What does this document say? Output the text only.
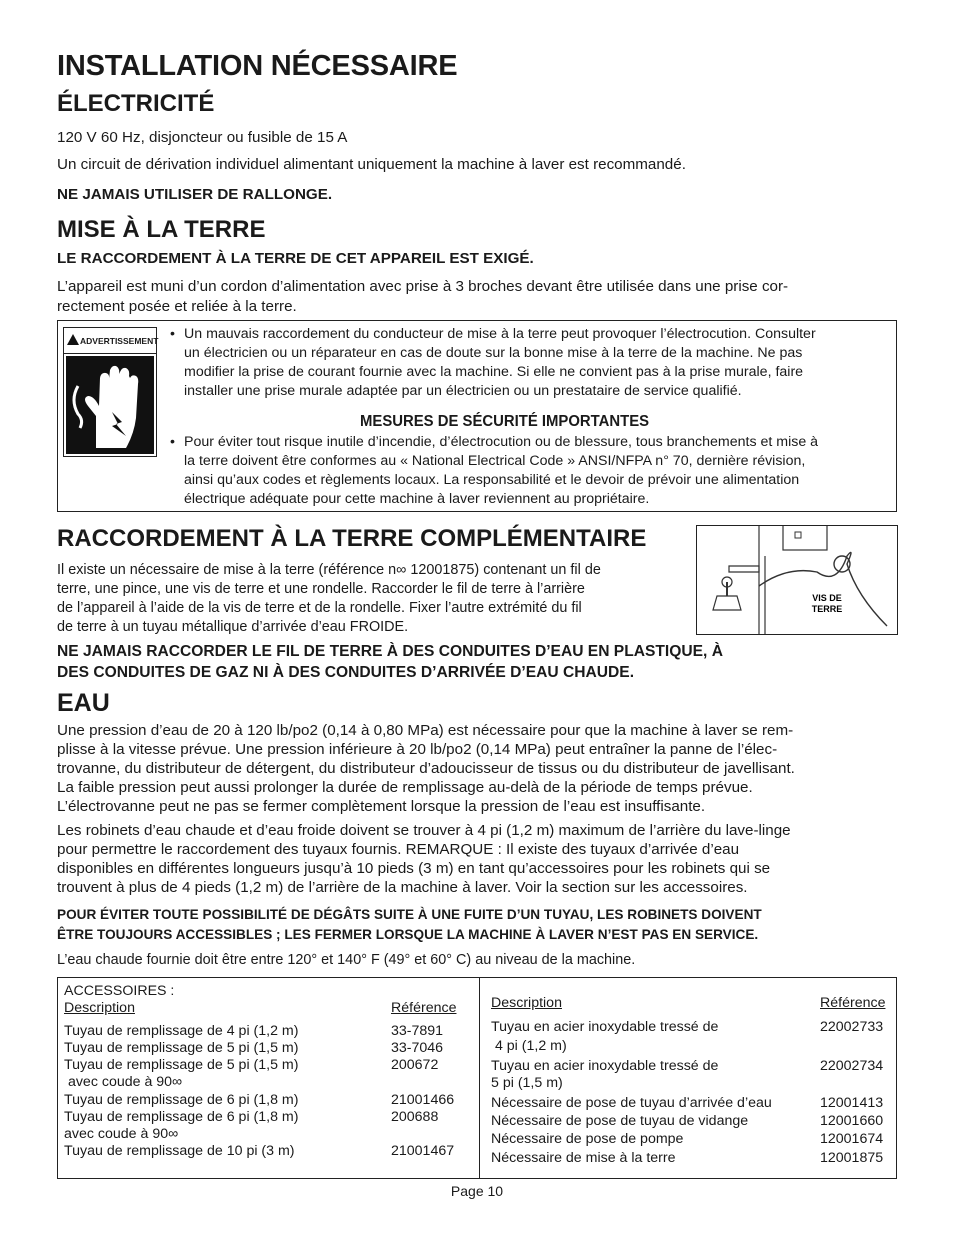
INSTALLATION NÉCESSAIRE
ÉLECTRICITÉ
120 V 60 Hz, disjoncteur ou fusible de 15 A
Un circuit de dérivation individuel alimentant uniquement la machine à laver est recommandé.
NE JAMAIS UTILISER DE RALLONGE.
MISE À LA TERRE
LE RACCORDEMENT À LA TERRE DE CET APPAREIL EST EXIGÉ.
L’appareil est muni d’un cordon d’alimentation avec prise à 3 broches devant être utilisée dans une prise cor-
rectement posée et reliée à la terre.
ADVERTISSEMENT • Un mauvais raccordement du conducteur de mise à la terre peut provoquer l’électrocution. Consulter
un électricien ou un réparateur en cas de doute sur la bonne mise à la terre de la machine. Ne pas
modifier la prise de courant fournie avec la machine. Si elle ne convient pas à la prise murale, faire
installer une prise murale adaptée par un électricien ou un prestataire de service qualifié.
MESURES DE SÉCURITÉ IMPORTANTES
• Pour éviter tout risque inutile d’incendie, d’électrocution ou de blessure, tous branchements et mise à
la terre doivent être conformes au « National Electrical Code » ANSI/NFPA n° 70, dernière révision,
ainsi qu’aux codes et règlements locaux. La responsabilité et le devoir de prévoir une alimentation
électrique adéquate pour cette machine à laver reviennent au propriétaire.
RACCORDEMENT À LA TERRE COMPLÉMENTAIRE
Il existe un nécessaire de mise à la terre (référence n∞ 12001875) contenant un fil de
terre, une pince, une vis de terre et une rondelle. Raccorder le fil de terre à l’arrière
de l’appareil à l’aide de la vis de terre et de la rondelle. Fixer l’autre extrémité du fil
de terre à un tuyau métallique d’arrivée d’eau FROIDE.
VIS DE
TERRE
NE JAMAIS RACCORDER LE FIL DE TERRE À DES CONDUITES D’EAU EN PLASTIQUE, À
DES CONDUITES DE GAZ NI À DES CONDUITES D’ARRIVÉE D’EAU CHAUDE.
EAU
Une pression d’eau de 20 à 120 lb/po2 (0,14 à 0,80 MPa) est nécessaire pour que la machine à laver se rem-
plisse à la vitesse prévue. Une pression inférieure à 20 lb/po2 (0,14 MPa) peut entraîner la panne de l’élec-
trovanne, du distributeur de détergent, du distributeur d’adoucisseur de tissus ou du distributeur de javellisant.
La faible pression peut aussi prolonger la durée de remplissage au-delà de la période de temps prévue.
L’électrovanne peut ne pas se fermer complètement lorsque la pression de l’eau est insuffisante.
Les robinets d’eau chaude et d’eau froide doivent se trouver à 4 pi (1,2 m) maximum de l’arrière du lave-linge
pour permettre le raccordement des tuyaux fournis. REMARQUE : Il existe des tuyaux d’arrivée d’eau
disponibles en différentes longueurs jusqu’à 10 pieds (3 m) en tant qu’accessoires pour les robinets qui se
trouvent à plus de 4 pieds (1,2 m) de l’arrière de la machine à laver. Voir la section sur les accessoires.
POUR ÉVITER TOUTE POSSIBILITÉ DE DÉGÂTS SUITE À UNE FUITE D’UN TUYAU, LES ROBINETS DOIVENT
ÊTRE TOUJOURS ACCESSIBLES ; LES FERMER LORSQUE LA MACHINE À LAVER N’EST PAS EN SERVICE.
L’eau chaude fournie doit être entre 120° et 140° F (49° et 60° C) au niveau de la machine.
ACCESSOIRES :
Description	Référence
Tuyau de remplissage de 4 pi (1,2 m)	33-7891
Tuyau de remplissage de 5 pi (1,5 m)	33-7046
Tuyau de remplissage de 5 pi (1,5 m)	200672
avec coude à 90∞
Tuyau de remplissage de 6 pi (1,8 m)	21001466
Tuyau de remplissage de 6 pi (1,8 m)	200688
avec coude à 90∞
Tuyau de remplissage de 10 pi (3 m)	21001467
Description	Référence
Tuyau en acier inoxydable tressé de	22002733
4 pi (1,2 m)
Tuyau en acier inoxydable tressé de	22002734
5 pi (1,5 m)
Nécessaire de pose de tuyau d’arrivée d’eau	12001413
Nécessaire de pose de tuyau de vidange	12001660
Nécessaire de pose de pompe	12001674
Nécessaire de mise à la terre	12001875
Page 10
